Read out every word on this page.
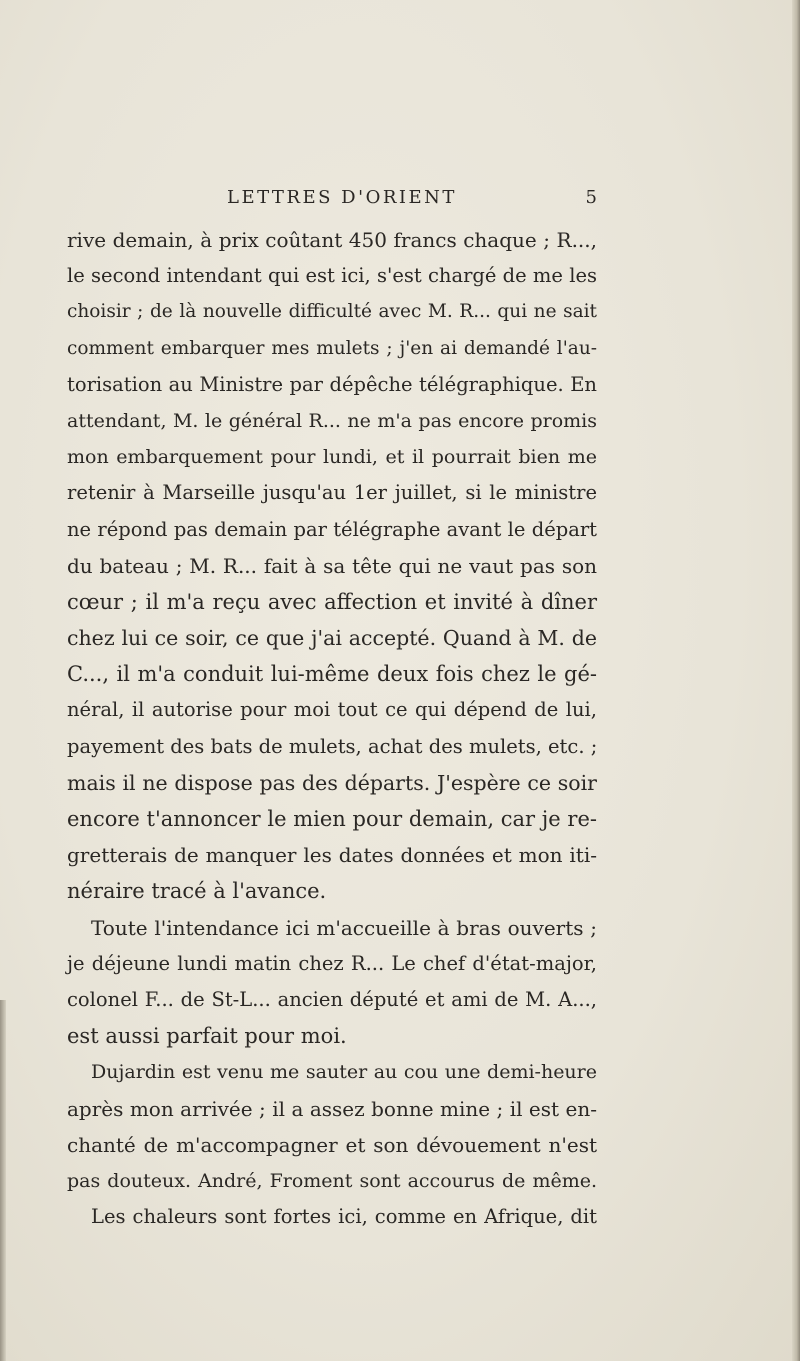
LETTRES D'ORIENT	5
rive demain, à prix coûtant 450 francs chaque ; R...,
le second intendant qui est ici, s'est chargé de me les
choisir ; de là nouvelle difficulté avec M. R... qui ne sait
comment embarquer mes mulets ; j'en ai demandé l'au-
torisation au Ministre par dépêche télégraphique. En
attendant, M. le général R... ne m'a pas encore promis
mon embarquement pour lundi, et il pourrait bien me
retenir à Marseille jusqu'au 1er juillet, si le ministre
ne répond pas demain par télégraphe avant le départ
du bateau ; M. R... fait à sa tête qui ne vaut pas son
cœur ; il m'a reçu avec affection et invité à dîner
chez lui ce soir, ce que j'ai accepté. Quand à M. de
C..., il m'a conduit lui-même deux fois chez le gé-
néral, il autorise pour moi tout ce qui dépend de lui,
payement des bats de mulets, achat des mulets, etc. ;
mais il ne dispose pas des départs. J'espère ce soir
encore t'annoncer le mien pour demain, car je re-
gretterais de manquer les dates données et mon iti-
néraire tracé à l'avance.
Toute l'intendance ici m'accueille à bras ouverts ;
je déjeune lundi matin chez R... Le chef d'état-major,
colonel F... de St-L... ancien député et ami de M. A...,
est aussi parfait pour moi.
Dujardin est venu me sauter au cou une demi-heure
après mon arrivée ; il a assez bonne mine ; il est en-
chanté de m'accompagner et son dévouement n'est
pas douteux. André, Froment sont accourus de même.
Les chaleurs sont fortes ici, comme en Afrique, dit
